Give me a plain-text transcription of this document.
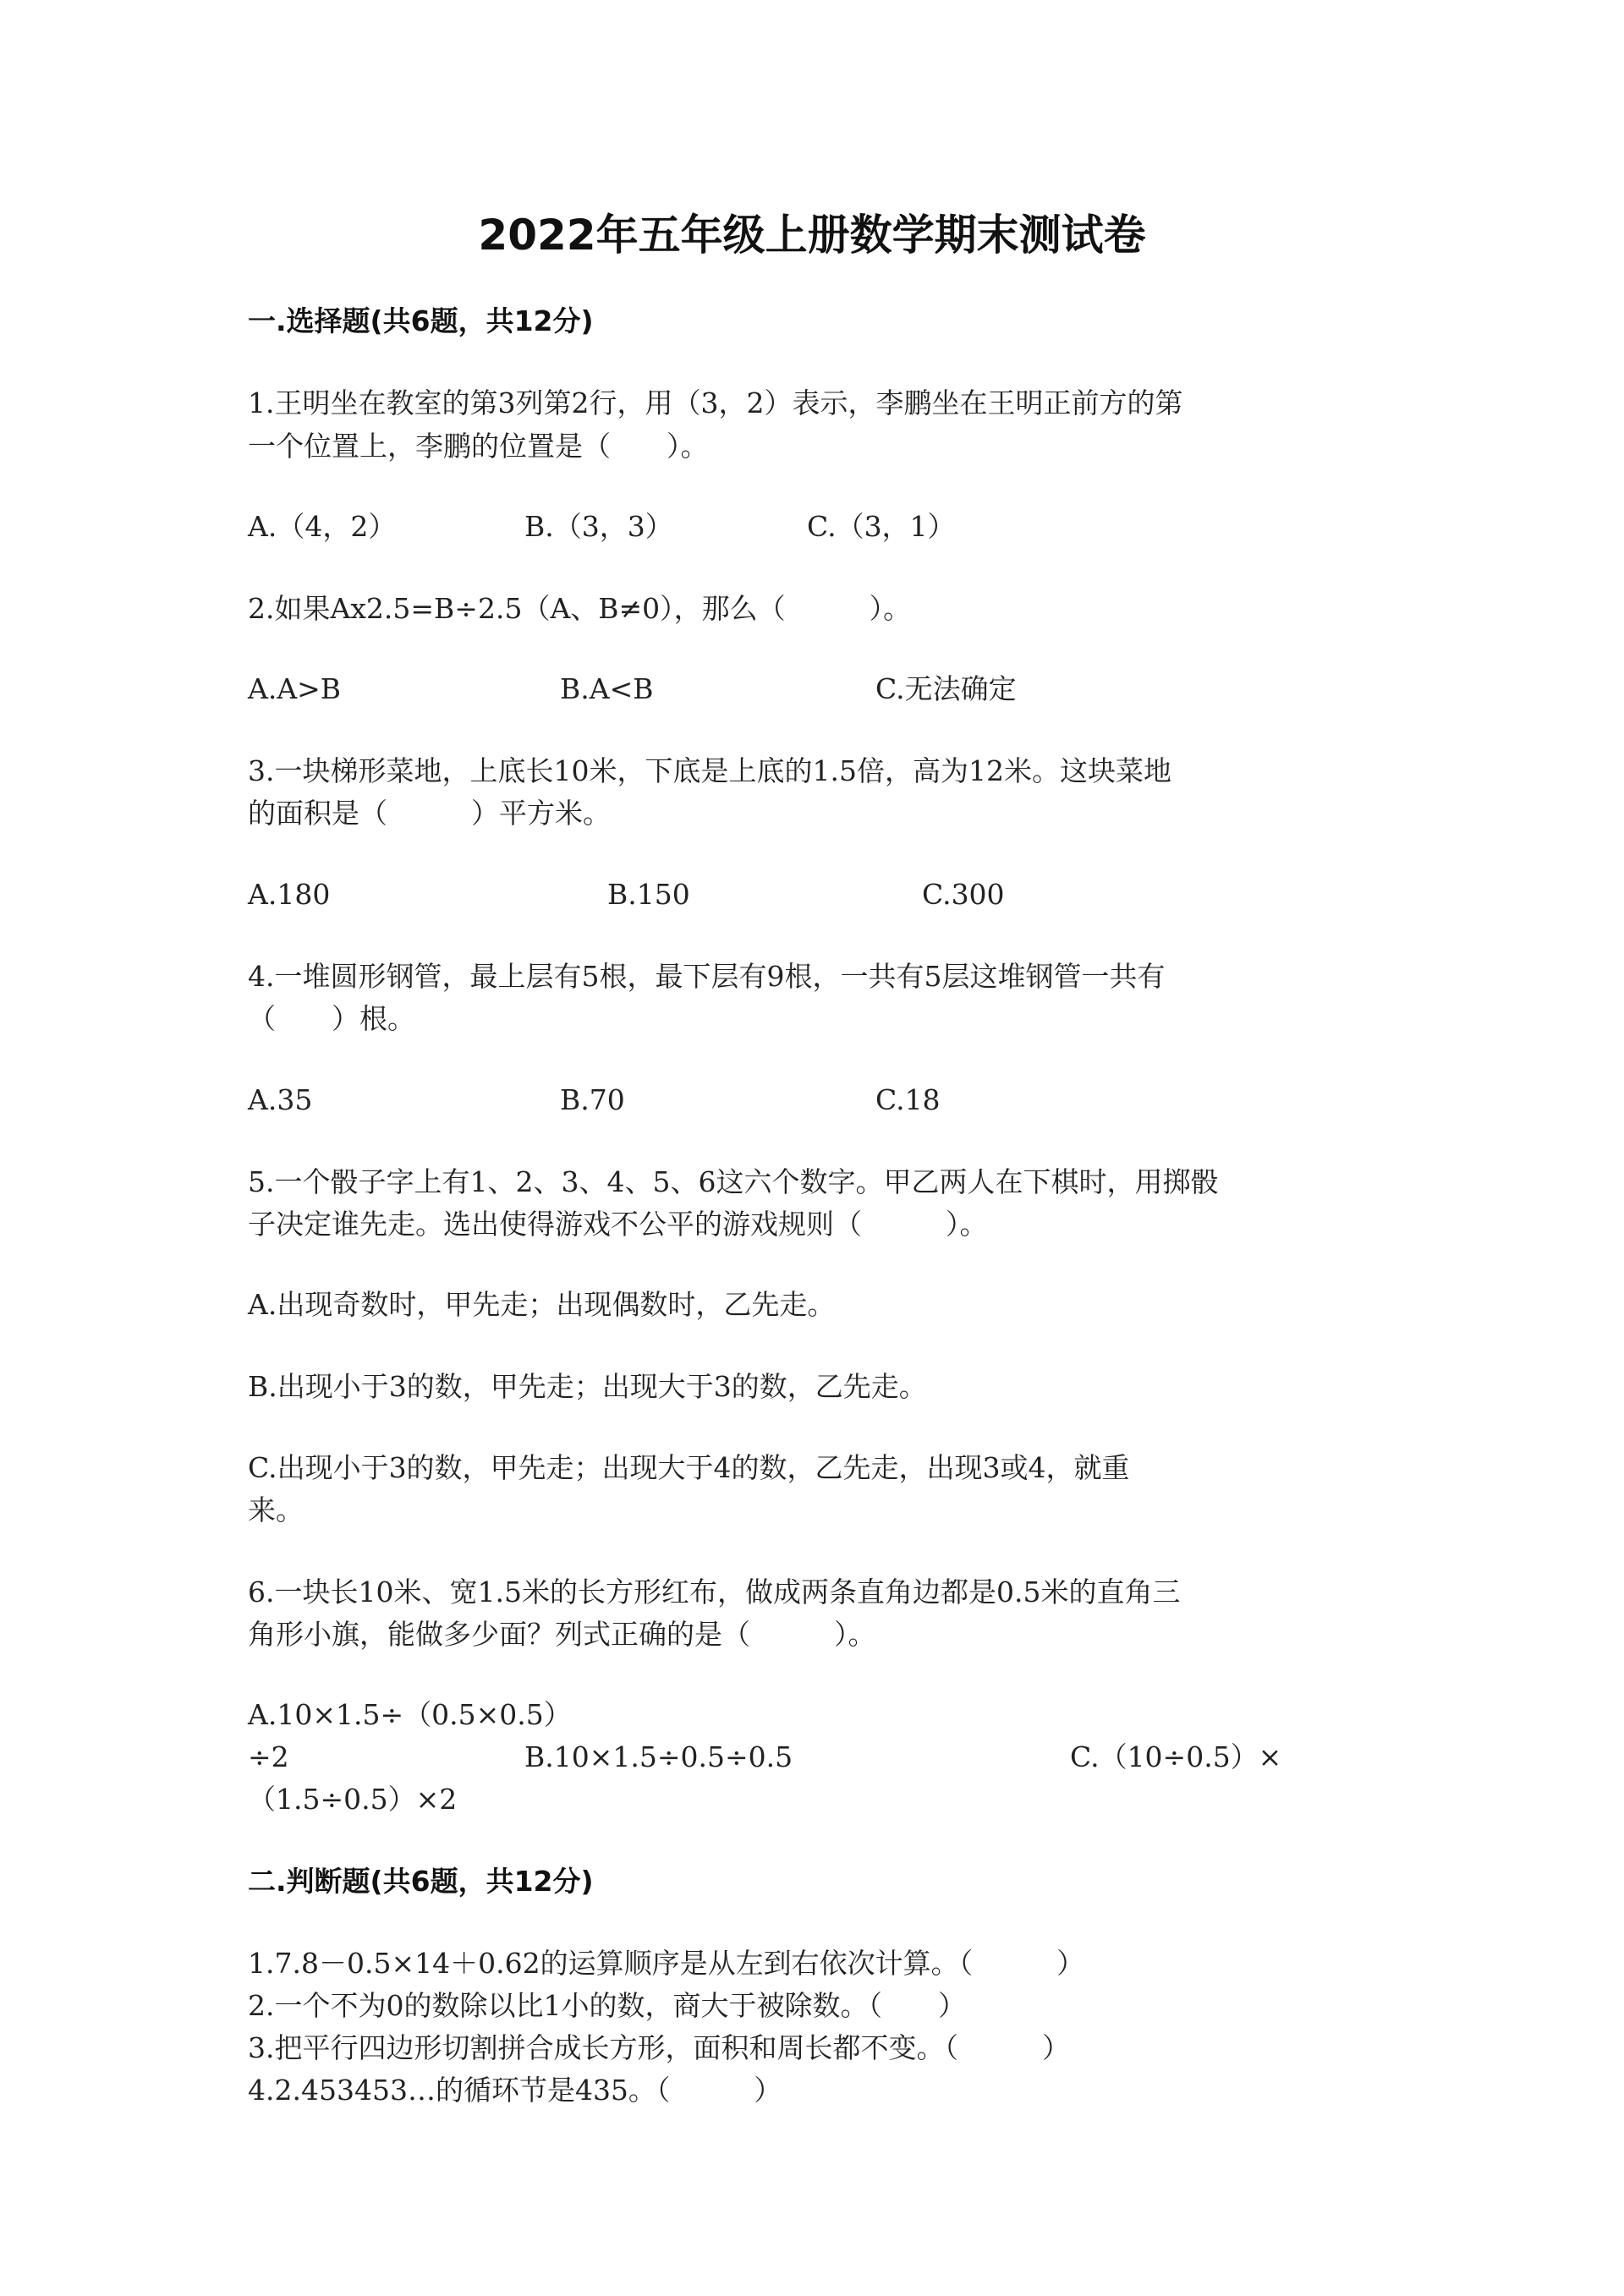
2022年五年级上册数学期末测试卷
一.选择题(共6题，共12分)
1.王明坐在教室的第3列第2行，用（3，2）表示，李鹏坐在王明正前方的第
一个位置上，李鹏的位置是（　　）。
A.（4，2）	B.（3，3）	C.（3，1）
2.如果Ax2.5=B÷2.5（A、B≠0），那么（　　　）。
A.A>B	B.A<B	C.无法确定
3.一块梯形菜地，上底长10米，下底是上底的1.5倍，高为12米。这块菜地
的面积是（　　　）平方米。
A.180	B.150	C.300
4.一堆圆形钢管，最上层有5根，最下层有9根，一共有5层这堆钢管一共有
（　　）根。
A.35	B.70	C.18
5.一个骰子字上有1、2、3、4、5、6这六个数字。甲乙两人在下棋时，用掷骰
子决定谁先走。选出使得游戏不公平的游戏规则（　　　）。
A.出现奇数时，甲先走；出现偶数时，乙先走。
B.出现小于3的数，甲先走；出现大于3的数，乙先走。
C.出现小于3的数，甲先走；出现大于4的数，乙先走，出现3或4，就重
来。
6.一块长10米、宽1.5米的长方形红布，做成两条直角边都是0.5米的直角三
角形小旗，能做多少面？列式正确的是（　　　）。
A.10×1.5÷（0.5×0.5）
÷2	B.10×1.5÷0.5÷0.5	C.（10÷0.5）×
（1.5÷0.5）×2
二.判断题(共6题，共12分)
1.7.8－0.5×14＋0.62的运算顺序是从左到右依次计算。（　　　）
2.一个不为0的数除以比1小的数，商大于被除数。（　　）
3.把平行四边形切割拼合成长方形，面积和周长都不变。（　　　）
4.2.453453…的循环节是435。（　　　）
